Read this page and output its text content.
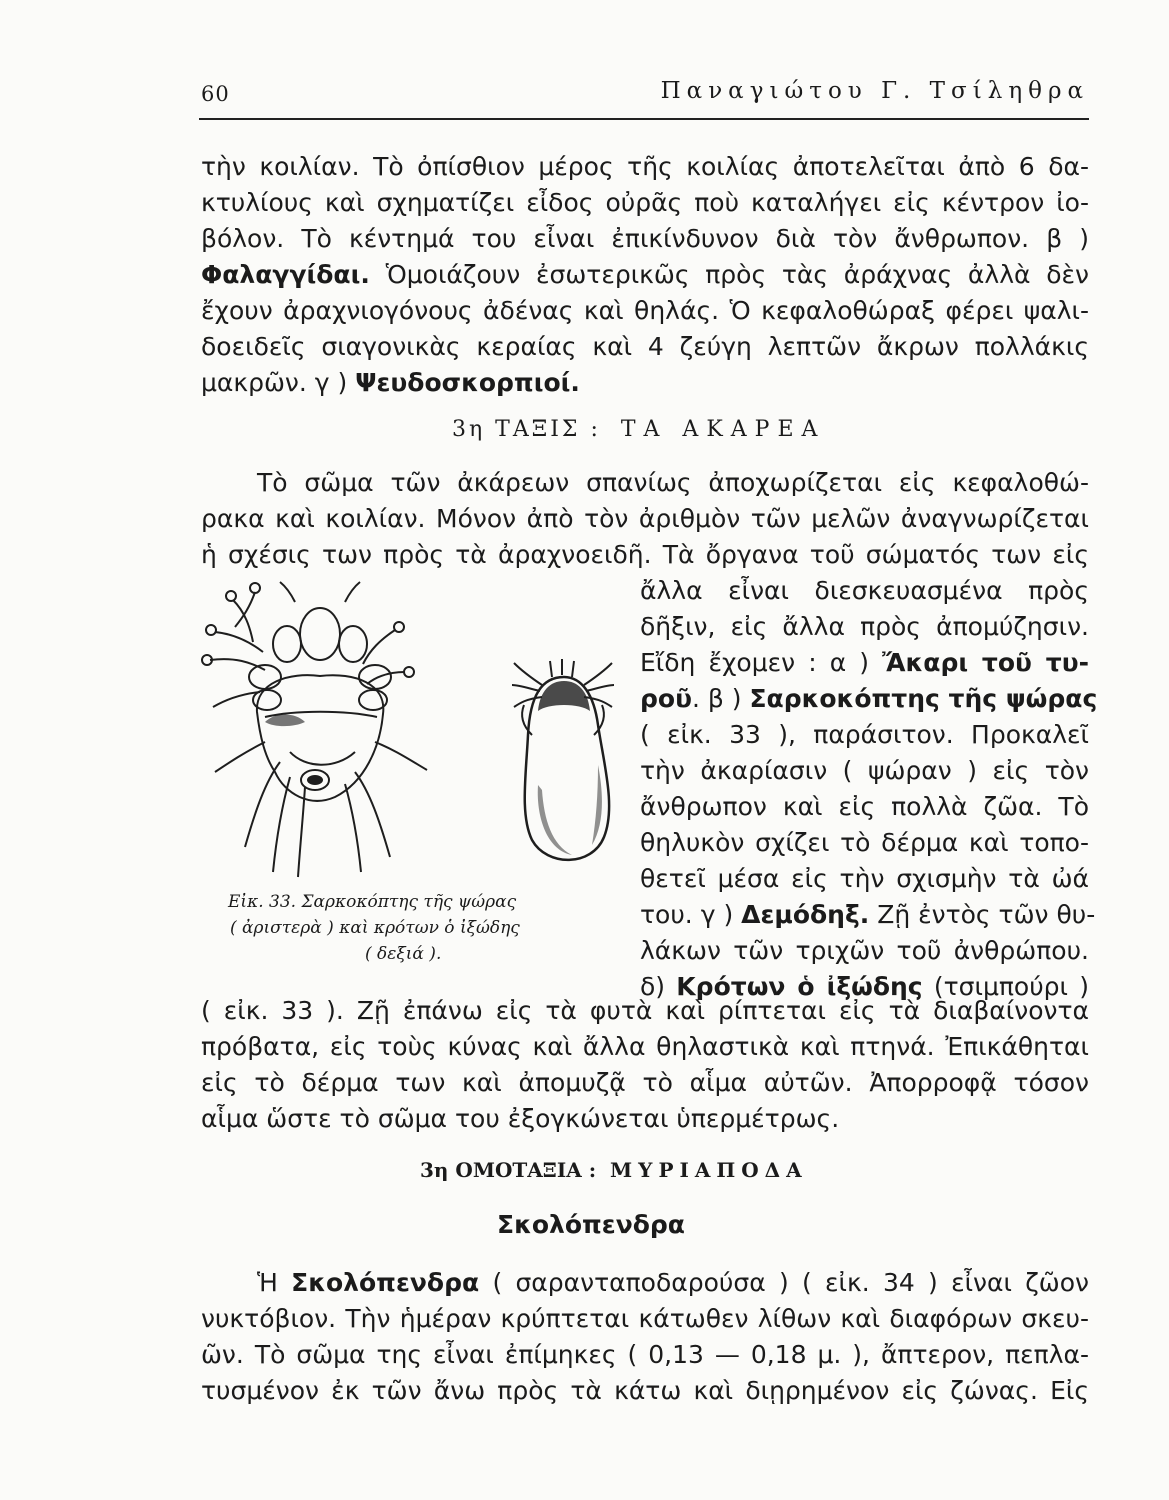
60	Παναγιώτου Γ. Τσίληθρα
τὴν κοιλίαν. Τὸ ὀπίσθιον μέρος τῆς κοιλίας ἀποτελεῖται ἀπὸ 6 δα-
κτυλίους καὶ σχηματίζει εἶδος οὐρᾶς ποὺ καταλήγει εἰς κέντρον ἰο-
βόλον. Τὸ κέντημά του εἶναι ἐπικίνδυνον διὰ τὸν ἄνθρωπον. β )
Φαλαγγίδαι. Ὁμοιάζουν ἐσωτερικῶς πρὸς τὰς ἀράχνας ἀλλὰ δὲν
ἔχουν ἀραχνιογόνους ἀδένας καὶ θηλάς. Ὁ κεφαλοθώραξ φέρει ψαλι-
δοειδεῖς σιαγονικὰς κεραίας καὶ 4 ζεύγη λεπτῶν ἄκρων πολλάκις
μακρῶν. γ ) Ψευδοσκορπιοί.
3η ΤΑΞΙΣ : ΤΑ ΑΚΑΡΕΑ
Τὸ σῶμα τῶν ἀκάρεων σπανίως ἀποχωρίζεται εἰς κεφαλοθώ-
ρακα καὶ κοιλίαν. Μόνον ἀπὸ τὸν ἀριθμὸν τῶν μελῶν ἀναγνωρίζεται
ἡ σχέσις των πρὸς τὰ ἀραχνοειδῆ. Τὰ ὄργανα τοῦ σώματός των εἰς
ἄλλα εἶναι διεσκευασμένα πρὸς
δῆξιν, εἰς ἄλλα πρὸς ἀπομύζησιν.
Εἴδη ἔχομεν : α ) Ἄκαρι τοῦ τυ-
ροῦ. β ) Σαρκοκόπτης τῆς ψώρας
( εἰκ. 33 ), παράσιτον. Προκαλεῖ
τὴν ἀκαρίασιν ( ψώραν ) εἰς τὸν
ἄνθρωπον καὶ εἰς πολλὰ ζῶα. Τὸ
θηλυκὸν σχίζει τὸ δέρμα καὶ τοπο-
θετεῖ μέσα εἰς τὴν σχισμὴν τὰ ὠά
του. γ ) Δεμόδηξ. Ζῇ ἐντὸς τῶν θυ-
λάκων τῶν τριχῶν τοῦ ἀνθρώπου.
δ) Κρότων ὁ ἰξώδης (τσιμπούρι )
Εἰκ. 33. Σαρκοκόπτης τῆς ψώρας
( ἀριστερὰ ) καὶ κρότων ὁ ἰξώδης
( δεξιά ).
( εἰκ. 33 ). Ζῇ ἐπάνω εἰς τὰ φυτὰ καὶ ρίπτεται εἰς τὰ διαβαίνοντα
πρόβατα, εἰς τοὺς κύνας καὶ ἄλλα θηλαστικὰ καὶ πτηνά. Ἐπικάθηται
εἰς τὸ δέρμα των καὶ ἀπομυζᾷ τὸ αἷμα αὐτῶν. Ἀπορροφᾷ τόσον
αἷμα ὥστε τὸ σῶμα του ἐξογκώνεται ὑπερμέτρως.
3η ΟΜΟΤΑΞΙΑ : ΜΥΡΙΑΠΟΔΑ
Σκολόπενδρα
Ἡ Σκολόπενδρα ( σαρανταποδαρούσα ) ( εἰκ. 34 ) εἶναι ζῶον
νυκτόβιον. Τὴν ἡμέραν κρύπτεται κάτωθεν λίθων καὶ διαφόρων σκευ-
ῶν. Τὸ σῶμα της εἶναι ἐπίμηκες ( 0,13 — 0,18 μ. ), ἄπτερον, πεπλα-
τυσμένον ἐκ τῶν ἄνω πρὸς τὰ κάτω καὶ διῃρημένον εἰς ζώνας. Εἰς
